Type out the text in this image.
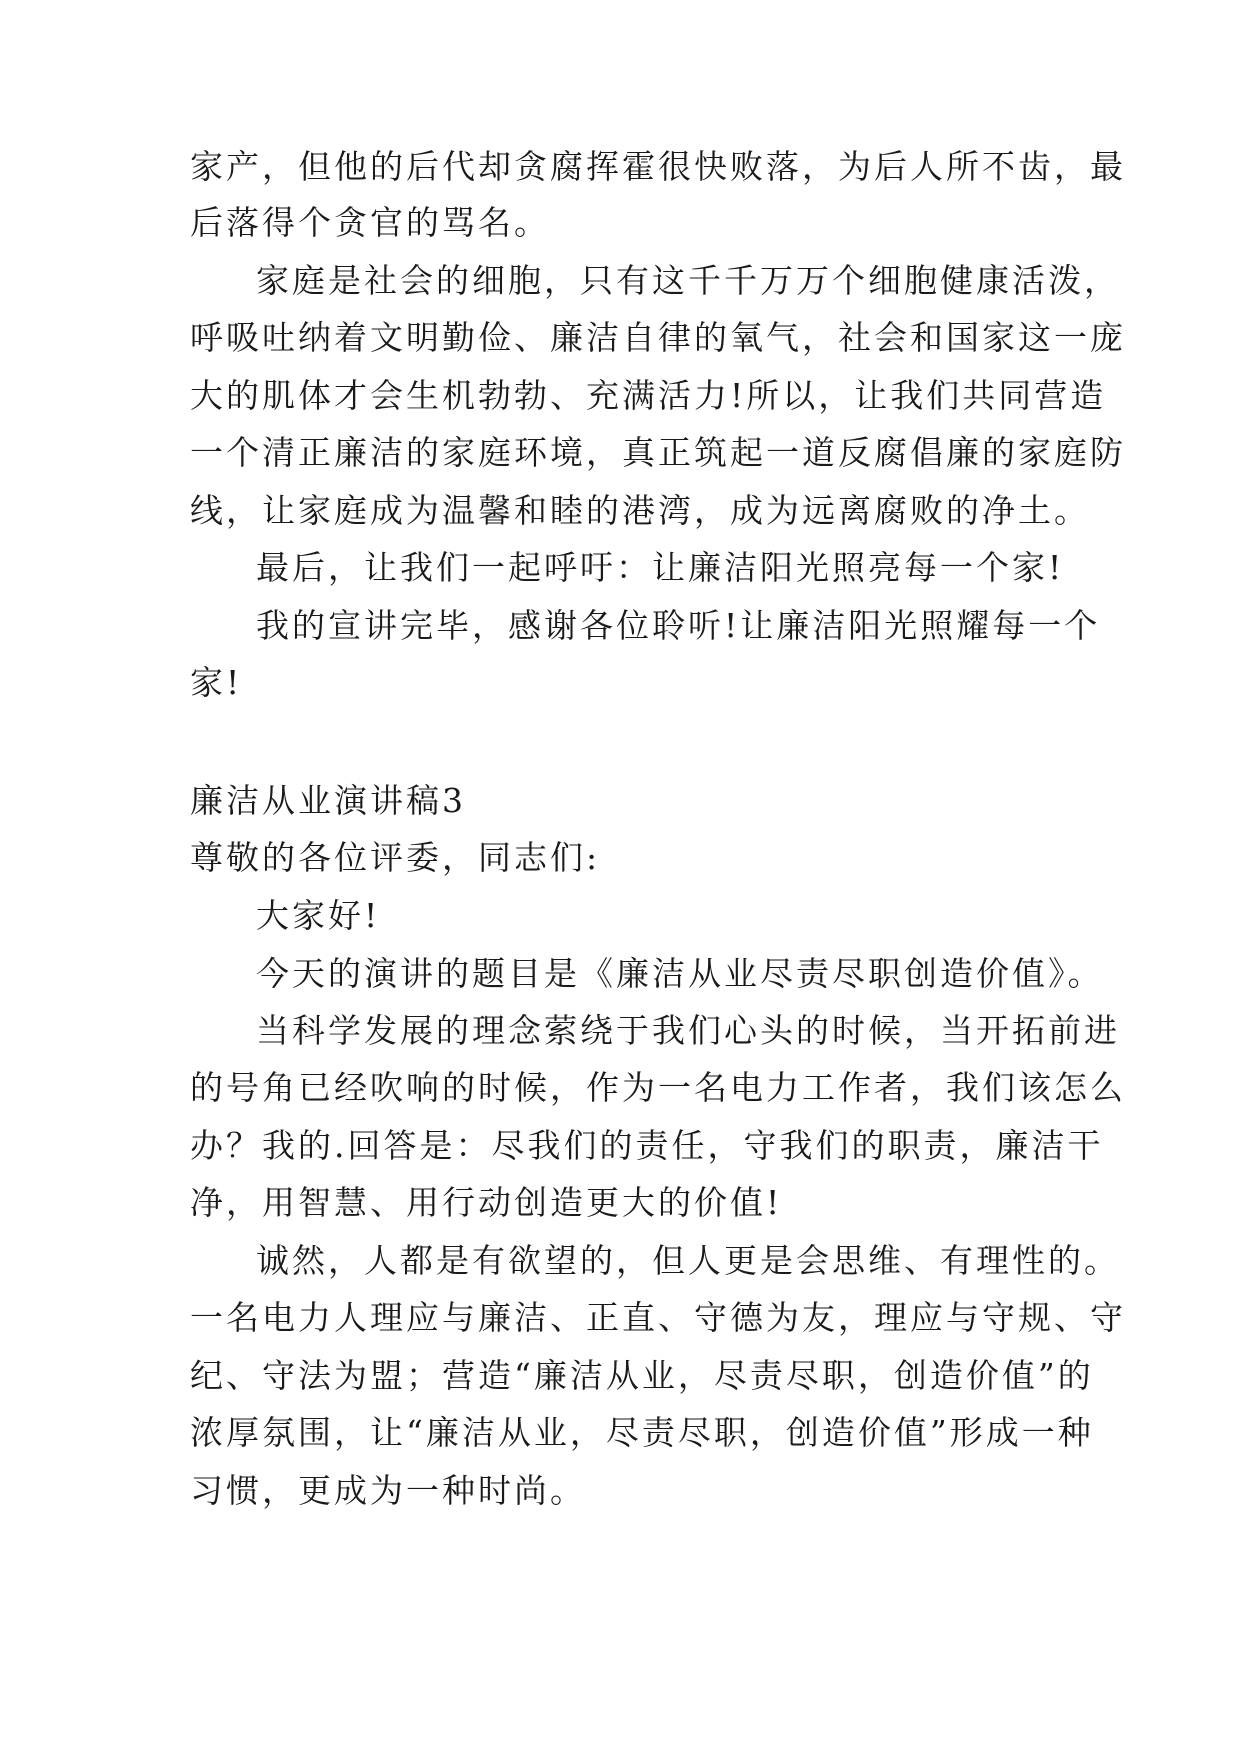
家产，但他的后代却贪腐挥霍很快败落，为后人所不齿，最
后落得个贪官的骂名。
家庭是社会的细胞，只有这千千万万个细胞健康活泼，
呼吸吐纳着文明勤俭、廉洁自律的氧气，社会和国家这一庞
大的肌体才会生机勃勃、充满活力!所以，让我们共同营造
一个清正廉洁的家庭环境，真正筑起一道反腐倡廉的家庭防
线，让家庭成为温馨和睦的港湾，成为远离腐败的净土。
最后，让我们一起呼吁：让廉洁阳光照亮每一个家!
我的宣讲完毕，感谢各位聆听!让廉洁阳光照耀每一个
家!
廉洁从业演讲稿3
尊敬的各位评委，同志们:
大家好!
今天的演讲的题目是《廉洁从业尽责尽职创造价值》。
当科学发展的理念萦绕于我们心头的时候，当开拓前进
的号角已经吹响的时候，作为一名电力工作者，我们该怎么
办？我的.回答是：尽我们的责任，守我们的职责，廉洁干
净，用智慧、用行动创造更大的价值!
诚然，人都是有欲望的，但人更是会思维、有理性的。
一名电力人理应与廉洁、正直、守德为友，理应与守规、守
纪、守法为盟；营造“廉洁从业，尽责尽职，创造价值”的
浓厚氛围，让“廉洁从业，尽责尽职，创造价值”形成一种
习惯，更成为一种时尚。
